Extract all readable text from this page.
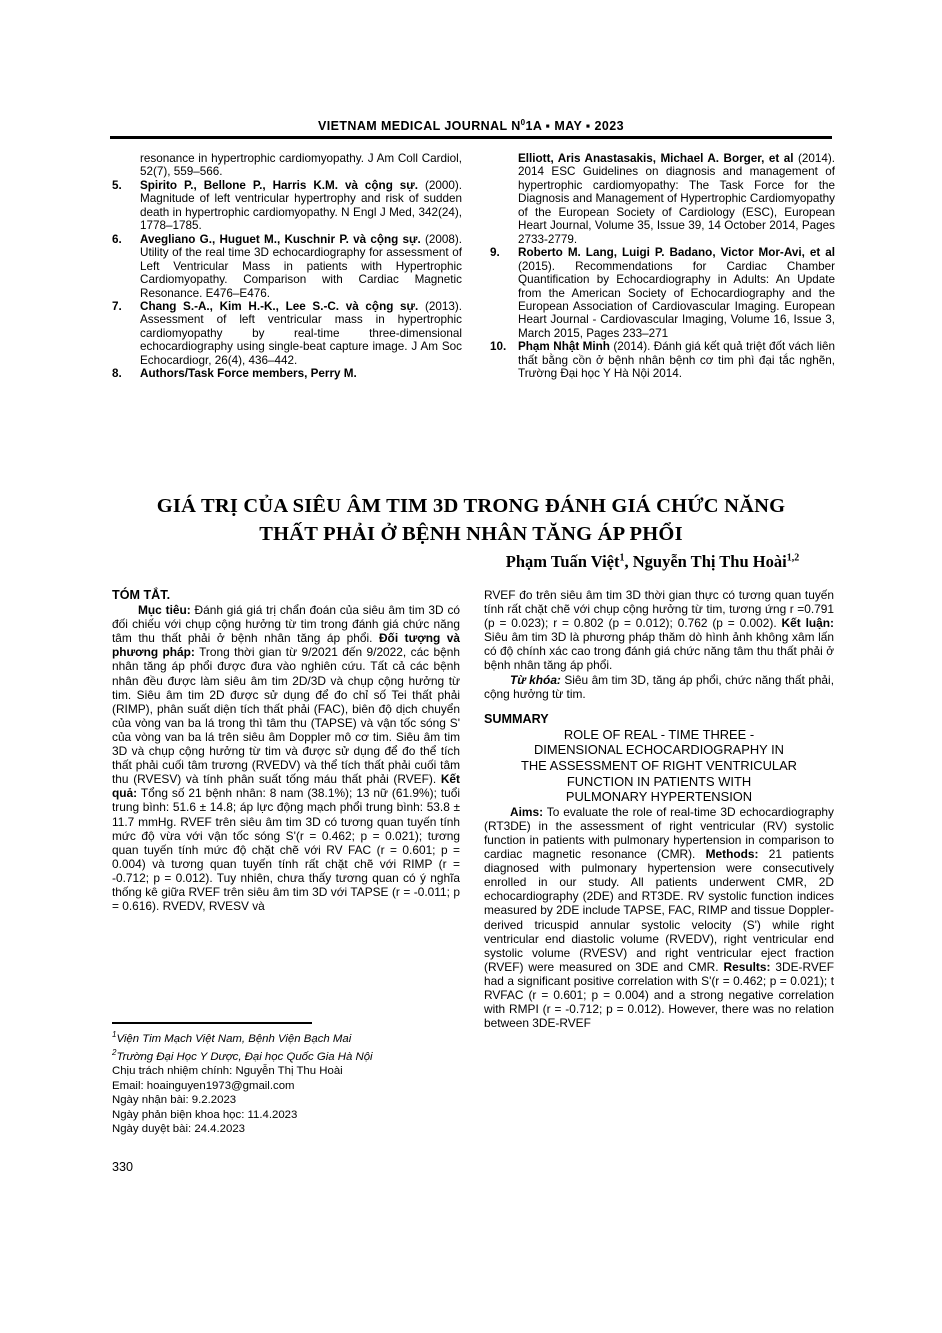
VIETNAM MEDICAL JOURNAL $N^01A$ ▪ MAY ▪ 2023
resonance in hypertrophic cardiomyopathy. J Am Coll Cardiol, 52(7), 559–566.
5. Spirito P., Bellone P., Harris K.M. và cộng sự. (2000). Magnitude of left ventricular hypertrophy and risk of sudden death in hypertrophic cardiomyopathy. N Engl J Med, 342(24), 1778–1785.
6. Avegliano G., Huguet M., Kuschnir P. và cộng sự. (2008). Utility of the real time 3D echocardiography for assessment of Left Ventricular Mass in patients with Hypertrophic Cardiomyopathy. Comparison with Cardiac Magnetic Resonance. E476–E476.
7. Chang S.-A., Kim H.-K., Lee S.-C. và cộng sự. (2013). Assessment of left ventricular mass in hypertrophic cardiomyopathy by real-time three-dimensional echocardiography using single-beat capture image. J Am Soc Echocardiogr, 26(4), 436–442.
8. Authors/Task Force members, Perry M.
Elliott, Aris Anastasakis, Michael A. Borger, et al (2014). 2014 ESC Guidelines on diagnosis and management of hypertrophic cardiomyopathy: The Task Force for the Diagnosis and Management of Hypertrophic Cardiomyopathy of the European Society of Cardiology (ESC), European Heart Journal, Volume 35, Issue 39, 14 October 2014, Pages 2733-2779.
9. Roberto M. Lang, Luigi P. Badano, Victor Mor-Avi, et al (2015). Recommendations for Cardiac Chamber Quantification by Echocardiography in Adults: An Update from the American Society of Echocardiography and the European Association of Cardiovascular Imaging. European Heart Journal - Cardiovascular Imaging, Volume 16, Issue 3, March 2015, Pages 233–271
10. Phạm Nhật Minh (2014). Đánh giá kết quả triệt đốt vách liên thất bằng cồn ở bệnh nhân bệnh cơ tim phì đại tắc nghẽn, Trường Đại học Y Hà Nội 2014.
GIÁ TRỊ CỦA SIÊU ÂM TIM 3D TRONG ĐÁNH GIÁ CHỨC NĂNG
THẤT PHẢI Ở BỆNH NHÂN TĂNG ÁP PHỔI
Phạm Tuấn Việt$^1$, Nguyễn Thị Thu Hoài$^{1,2}$
TÓM TẮT.

Mục tiêu: Đánh giá giá trị chẩn đoán của siêu âm tim 3D có đối chiếu với chụp cộng hưởng từ tim trong đánh giá chức năng tâm thu thất phải ở bệnh nhân tăng áp phổi. Đối tượng và phương pháp: Trong thời gian từ 9/2021 đến 9/2022, các bệnh nhân tăng áp phổi được đưa vào nghiên cứu. Tất cả các bệnh nhân đều được làm siêu âm tim 2D/3D và chụp cộng hưởng từ tim. Siêu âm tim 2D được sử dụng để đo chỉ số Tei thất phải (RIMP), phân suất diện tích thất phải (FAC), biên độ dịch chuyển của vòng van ba lá trong thì tâm thu (TAPSE) và vận tốc sóng S' của vòng van ba lá trên siêu âm Doppler mô cơ tim. Siêu âm tim 3D và chụp cộng hưởng từ tim và được sử dụng để đo thể tích thất phải cuối tâm trương (RVEDV) và thể tích thất phải cuối tâm thu (RVESV) và tính phân suất tống máu thất phải (RVEF). Kết quả: Tổng số 21 bệnh nhân: 8 nam (38.1%); 13 nữ (61.9%); tuổi trung bình: 51.6 ± 14.8; áp lực động mạch phổi trung bình: 53.8 ± 11.7 mmHg. RVEF trên siêu âm tim 3D có tương quan tuyến tính mức độ vừa với vận tốc sóng S'(r = 0.462; p = 0.021); tương quan tuyến tính mức độ chặt chẽ với RV FAC (r = 0.601; p = 0.004) và tương quan tuyến tính rất chặt chẽ với RIMP (r = -0.712; p = 0.012). Tuy nhiên, chưa thấy tương quan có ý nghĩa thống kê giữa RVEF trên siêu âm tim 3D với TAPSE (r = -0.011; p = 0.616). RVEDV, RVESV và

$^1$Viện Tim Mạch Việt Nam, Bệnh Viện Bạch Mai
$^2$Trường Đại Học Y Dược, Đại học Quốc Gia Hà Nội
Chịu trách nhiệm chính: Nguyễn Thị Thu Hoài
Email: hoainguyen1973@gmail.com
Ngày nhận bài: 9.2.2023
Ngày phản biện khoa học: 11.4.2023
Ngày duyệt bài: 24.4.2023
330

RVEF đo trên siêu âm tim 3D thời gian thực có tương quan tuyến tính rất chặt chẽ với chụp cộng hưởng từ tim, tương ứng r =0.791 (p = 0.023); r = 0.802 (p = 0.012); 0.762 (p = 0.002). Kết luận: Siêu âm tim 3D là phương pháp thăm dò hình ảnh không xâm lấn có độ chính xác cao trong đánh giá chức năng tâm thu thất phải ở bệnh nhân tăng áp phổi.

Từ khóa: Siêu âm tim 3D, tăng áp phổi, chức năng thất phải, cộng hưởng từ tim.

SUMMARY
ROLE OF REAL - TIME THREE -
DIMENSIONAL ECHOCARDIOGRAPHY IN
THE ASSESSMENT OF RIGHT VENTRICULAR
FUNCTION IN PATIENTS WITH
PULMONARY HYPERTENSION

Aims: To evaluate the role of real-time 3D echocardiography (RT3DE) in the assessment of right ventricular (RV) systolic function in patients with pulmonary hypertension in comparison to cardiac magnetic resonance (CMR). Methods: 21 patients diagnosed with pulmonary hypertension were consecutively enrolled in our study. All patients underwent CMR, 2D echocardiography (2DE) and RT3DE. RV systolic function indices measured by 2DE include TAPSE, FAC, RIMP and tissue Doppler-derived tricuspid annular systolic velocity (S') while right ventricular end diastolic volume (RVEDV), right ventricular end systolic volume (RVESV) and right ventricular eject fraction (RVEF) were measured on 3DE and CMR. Results: 3DE-RVEF had a significant positive correlation with S'(r = 0.462; p = 0.021); t RVFAC (r = 0.601; p = 0.004) and a strong negative correlation with RMPI (r = -0.712; p = 0.012). However, there was no relation between 3DE-RVEF
